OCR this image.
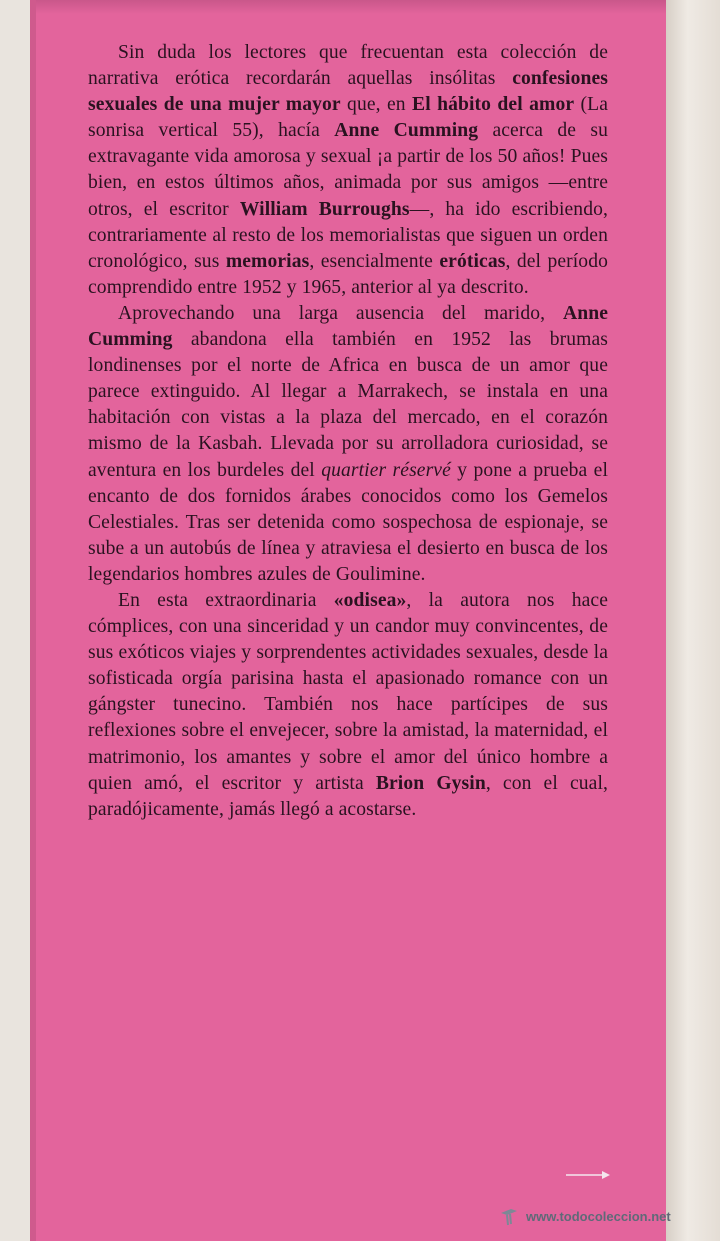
Sin duda los lectores que frecuentan esta colección de narrativa erótica recordarán aquellas insólitas confesiones sexuales de una mujer mayor que, en El hábito del amor (La sonrisa vertical 55), hacía Anne Cumming acerca de su extravagante vida amorosa y sexual ¡a partir de los 50 años! Pues bien, en estos últimos años, animada por sus amigos —entre otros, el escritor William Burroughs—, ha ido escribiendo, contrariamente al resto de los memorialistas que siguen un orden cronológico, sus memorias, esencialmente eróticas, del período comprendido entre 1952 y 1965, anterior al ya descrito.

Aprovechando una larga ausencia del marido, Anne Cumming abandona ella también en 1952 las brumas londinenses por el norte de Africa en busca de un amor que parece extinguido. Al llegar a Marrakech, se instala en una habitación con vistas a la plaza del mercado, en el corazón mismo de la Kasbah. Llevada por su arrolladora curiosidad, se aventura en los burdeles del quartier réservé y pone a prueba el encanto de dos fornidos árabes conocidos como los Gemelos Celestiales. Tras ser detenida como sospechosa de espionaje, se sube a un autobús de línea y atraviesa el desierto en busca de los legendarios hombres azules de Goulimine.

En esta extraordinaria «odisea», la autora nos hace cómplices, con una sinceridad y un candor muy convincentes, de sus exóticos viajes y sorprendentes actividades sexuales, desde la sofisticada orgía parisina hasta el apasionado romance con un gángster tunecino. También nos hace partícipes de sus reflexiones sobre el envejecer, sobre la amistad, la maternidad, el matrimonio, los amantes y sobre el amor del único hombre a quien amó, el escritor y artista Brion Gysin, con el cual, paradójicamente, jamás llegó a acostarse.

www.todocoleccion.net
